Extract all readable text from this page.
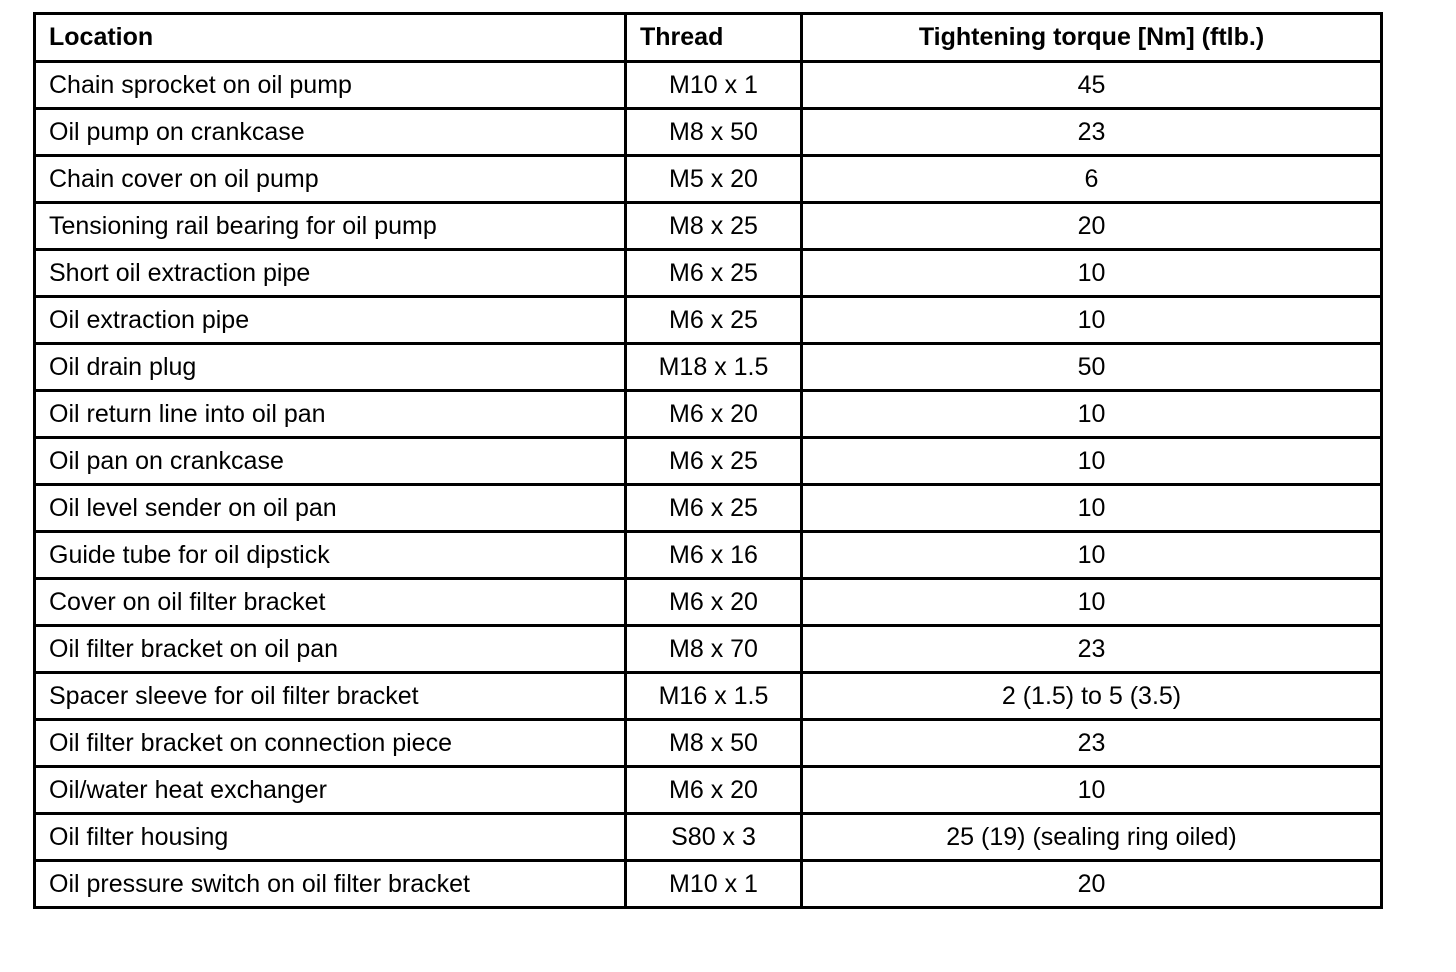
Location	Thread	Tightening torque [Nm] (ftlb.)
Chain sprocket on oil pump	M10 x 1	45
Oil pump on crankcase	M8 x 50	23
Chain cover on oil pump	M5 x 20	6
Tensioning rail bearing for oil pump	M8 x 25	20
Short oil extraction pipe	M6 x 25	10
Oil extraction pipe	M6 x 25	10
Oil drain plug	M18 x 1.5	50
Oil return line into oil pan	M6 x 20	10
Oil pan on crankcase	M6 x 25	10
Oil level sender on oil pan	M6 x 25	10
Guide tube for oil dipstick	M6 x 16	10
Cover on oil filter bracket	M6 x 20	10
Oil filter bracket on oil pan	M8 x 70	23
Spacer sleeve for oil filter bracket	M16 x 1.5	2 (1.5) to 5 (3.5)
Oil filter bracket on connection piece	M8 x 50	23
Oil/water heat exchanger	M6 x 20	10
Oil filter housing	S80 x 3	25 (19) (sealing ring oiled)
Oil pressure switch on oil filter bracket	M10 x 1	20
